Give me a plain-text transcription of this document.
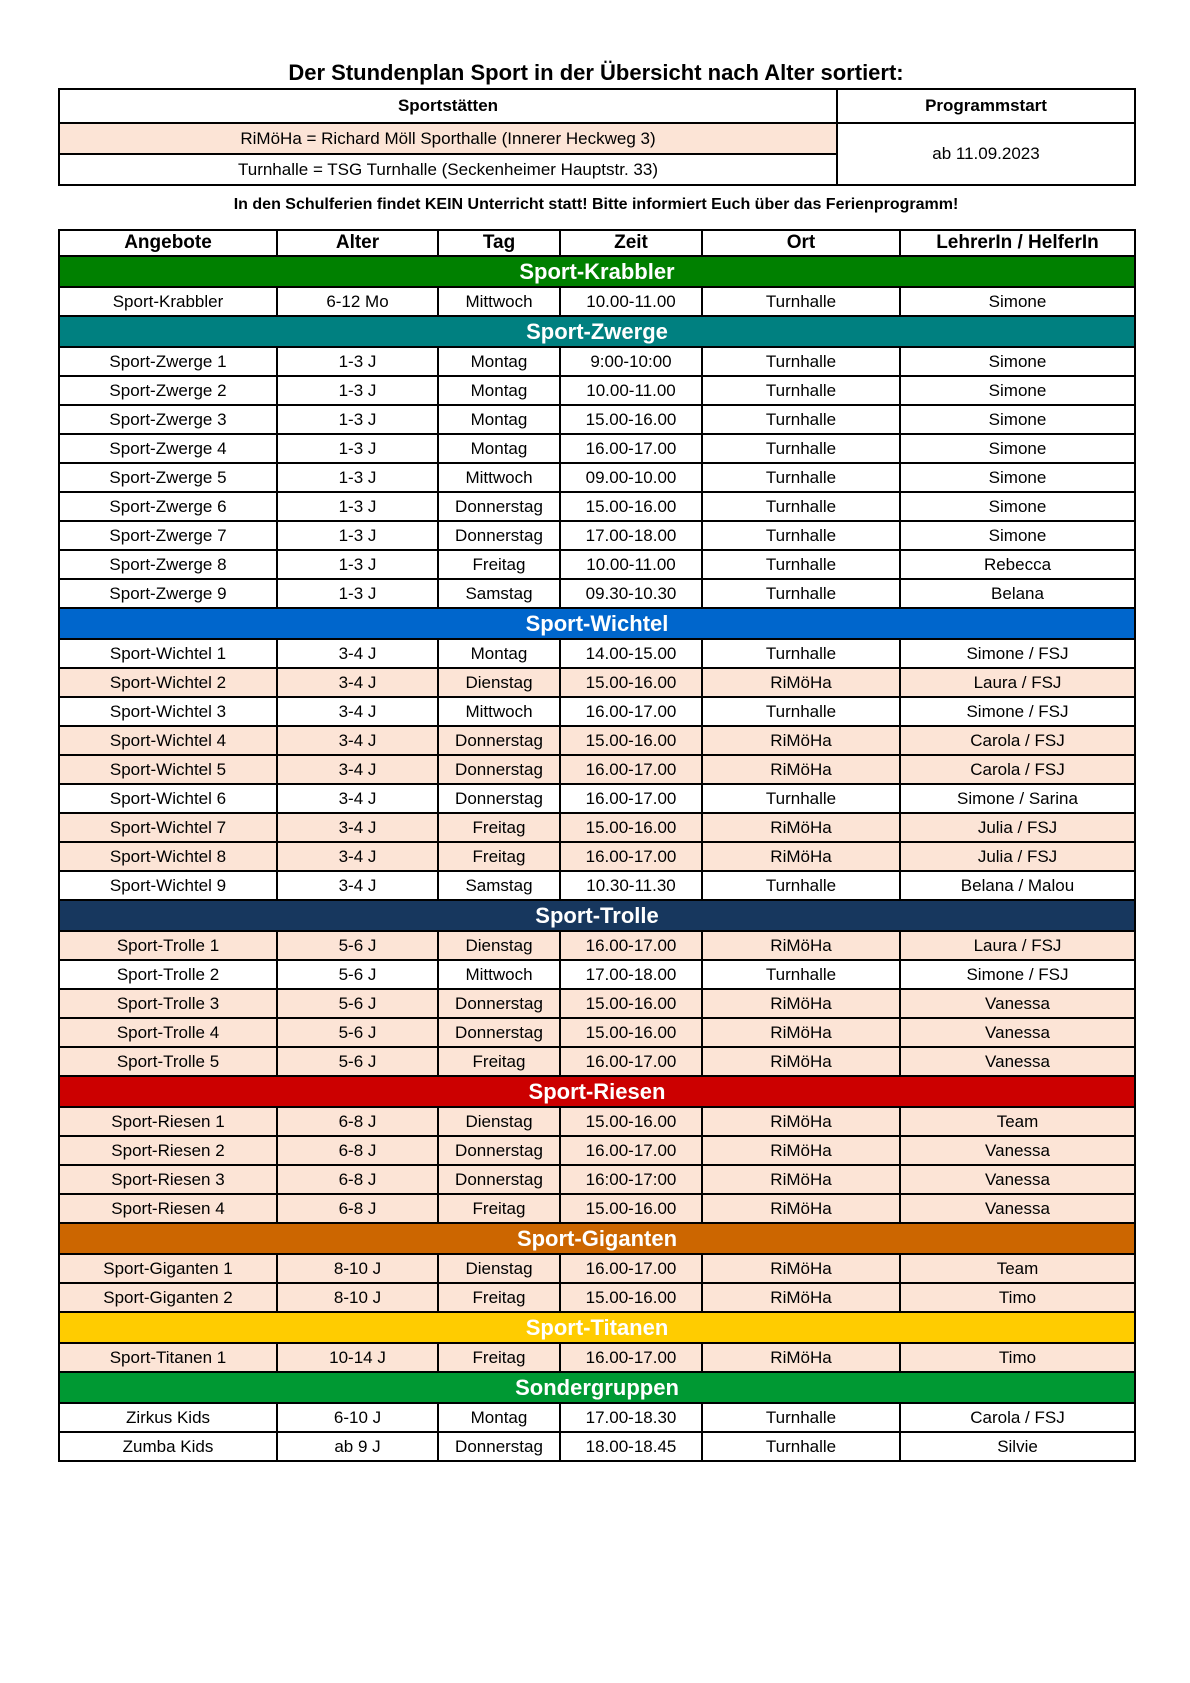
Der Stundenplan Sport in der Übersicht nach Alter sortiert:
Sportstätten	Programmstart
RiMöHa = Richard Möll Sporthalle (Innerer Heckweg 3)	ab 11.09.2023
Turnhalle = TSG Turnhalle (Seckenheimer Hauptstr. 33)	
In den Schulferien findet KEIN Unterricht statt! Bitte informiert Euch über das Ferienprogramm!
Angebote	Alter	Tag	Zeit	Ort	LehrerIn / HelferIn
Sport-Krabbler					
Sport-Krabbler	6-12 Mo	Mittwoch	10.00-11.00	Turnhalle	Simone
Sport-Zwerge					
Sport-Zwerge 1	1-3 J	Montag	9:00-10:00	Turnhalle	Simone
Sport-Zwerge 2	1-3 J	Montag	10.00-11.00	Turnhalle	Simone
Sport-Zwerge 3	1-3 J	Montag	15.00-16.00	Turnhalle	Simone
Sport-Zwerge 4	1-3 J	Montag	16.00-17.00	Turnhalle	Simone
Sport-Zwerge 5	1-3 J	Mittwoch	09.00-10.00	Turnhalle	Simone
Sport-Zwerge 6	1-3 J	Donnerstag	15.00-16.00	Turnhalle	Simone
Sport-Zwerge 7	1-3 J	Donnerstag	17.00-18.00	Turnhalle	Simone
Sport-Zwerge 8	1-3 J	Freitag	10.00-11.00	Turnhalle	Rebecca
Sport-Zwerge 9	1-3 J	Samstag	09.30-10.30	Turnhalle	Belana
Sport-Wichtel					
Sport-Wichtel 1	3-4 J	Montag	14.00-15.00	Turnhalle	Simone / FSJ
Sport-Wichtel 2	3-4 J	Dienstag	15.00-16.00	RiMöHa	Laura / FSJ
Sport-Wichtel 3	3-4 J	Mittwoch	16.00-17.00	Turnhalle	Simone / FSJ
Sport-Wichtel 4	3-4 J	Donnerstag	15.00-16.00	RiMöHa	Carola / FSJ
Sport-Wichtel 5	3-4 J	Donnerstag	16.00-17.00	RiMöHa	Carola / FSJ
Sport-Wichtel 6	3-4 J	Donnerstag	16.00-17.00	Turnhalle	Simone / Sarina
Sport-Wichtel 7	3-4 J	Freitag	15.00-16.00	RiMöHa	Julia / FSJ
Sport-Wichtel 8	3-4 J	Freitag	16.00-17.00	RiMöHa	Julia / FSJ
Sport-Wichtel 9	3-4 J	Samstag	10.30-11.30	Turnhalle	Belana / Malou
Sport-Trolle					
Sport-Trolle 1	5-6 J	Dienstag	16.00-17.00	RiMöHa	Laura / FSJ
Sport-Trolle 2	5-6 J	Mittwoch	17.00-18.00	Turnhalle	Simone / FSJ
Sport-Trolle 3	5-6 J	Donnerstag	15.00-16.00	RiMöHa	Vanessa
Sport-Trolle 4	5-6 J	Donnerstag	15.00-16.00	RiMöHa	Vanessa
Sport-Trolle 5	5-6 J	Freitag	16.00-17.00	RiMöHa	Vanessa
Sport-Riesen					
Sport-Riesen 1	6-8 J	Dienstag	15.00-16.00	RiMöHa	Team
Sport-Riesen 2	6-8 J	Donnerstag	16.00-17.00	RiMöHa	Vanessa
Sport-Riesen 3	6-8 J	Donnerstag	16:00-17:00	RiMöHa	Vanessa
Sport-Riesen 4	6-8 J	Freitag	15.00-16.00	RiMöHa	Vanessa
Sport-Giganten					
Sport-Giganten 1	8-10 J	Dienstag	16.00-17.00	RiMöHa	Team
Sport-Giganten 2	8-10 J	Freitag	15.00-16.00	RiMöHa	Timo
Sport-Titanen					
Sport-Titanen 1	10-14 J	Freitag	16.00-17.00	RiMöHa	Timo
Sondergruppen					
Zirkus Kids	6-10 J	Montag	17.00-18.30	Turnhalle	Carola / FSJ
Zumba Kids	ab 9 J	Donnerstag	18.00-18.45	Turnhalle	Silvie
